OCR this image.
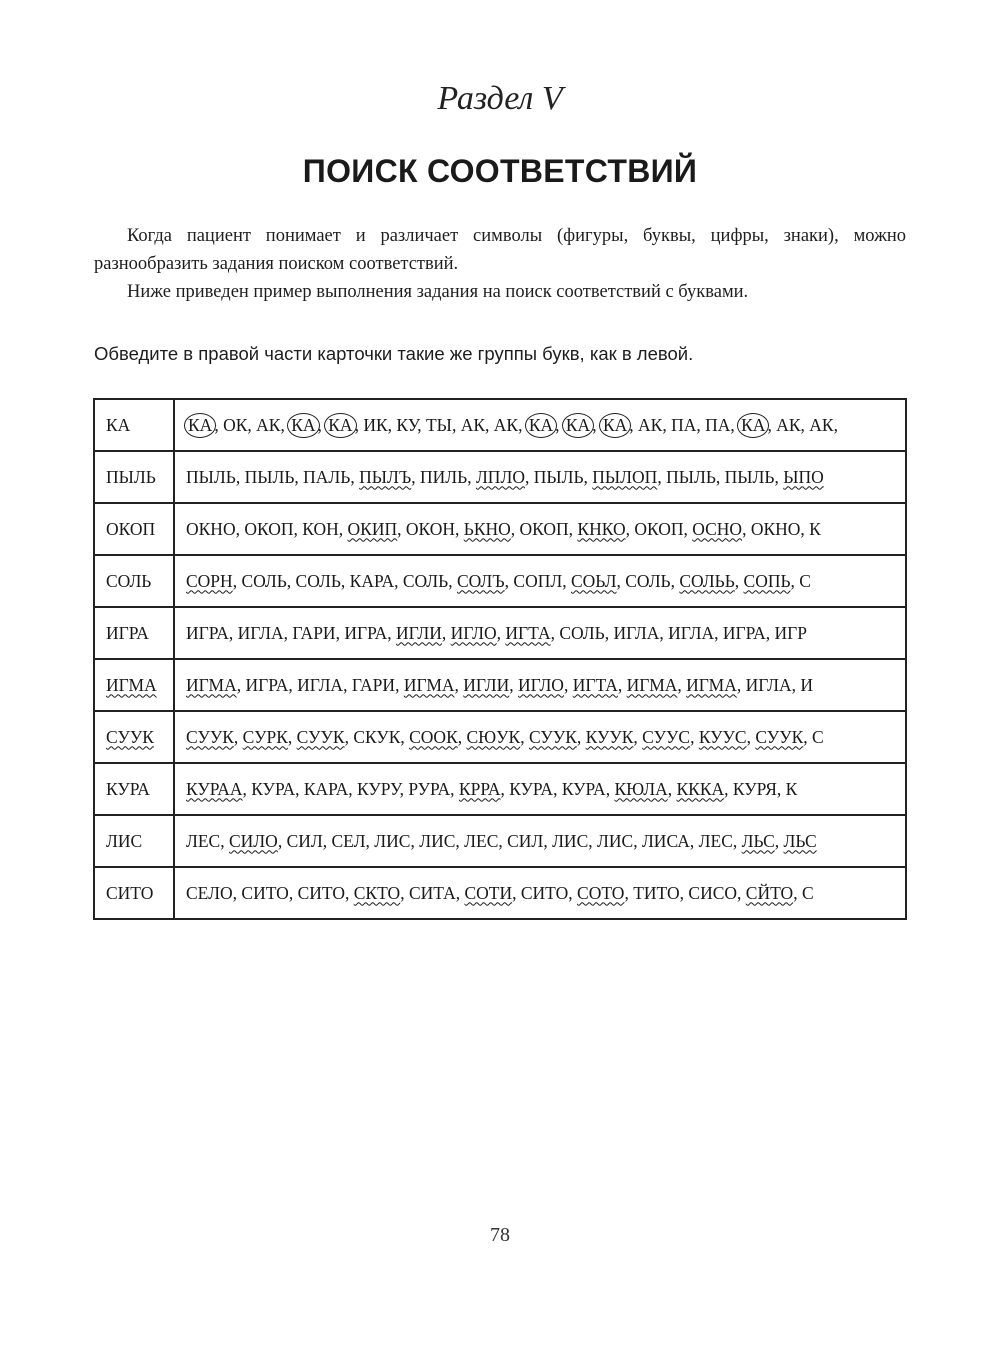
Раздел V
ПОИСК СООТВЕТСТВИЙ

Когда пациент понимает и различает символы (фигуры, буквы, цифры, знаки), можно разнообразить задания поиском соответствий.

Ниже приведен пример выполнения задания на поиск соответствий с буквами.

Обведите в правой части карточки такие же группы букв, как в левой.
КА	КА , ОК, АК, КА , КА , ИК, КУ, ТЫ, АК, АК, КА , КА , КА , АК, ПА, ПА, КА , АК, АК,
ПЫЛЬ	ПЫЛЬ, ПЫЛЬ, ПАЛЬ, ПЫЛЪ, ПИЛЬ, ЛПЛО, ПЫЛЬ, ПЫЛОП, ПЫЛЬ, ПЫЛЬ, ЫПО
ОКОП	ОКНО, ОКОП, КОН, ОКИП, ОКОН, ЬКНО, ОКОП, КНКО, ОКОП, ОСНО, ОКНО, К
СОЛЬ	СОРН, СОЛЬ, СОЛЬ, КАРА, СОЛЬ, СОЛЪ, СОПЛ, СОЬЛ, СОЛЬ, СОЛЬЬ, СОПЬ, С
ИГРА	ИГРА, ИГЛА, ГАРИ, ИГРА, ИГЛИ, ИГЛО, ИГТА, СОЛЬ, ИГЛА, ИГЛА, ИГРА, ИГР
ИГМА	ИГМА, ИГРА, ИГЛА, ГАРИ, ИГМА, ИГЛИ, ИГЛО, ИГТА, ИГМА, ИГМА, ИГЛА, И
СУУК	СУУК, СУРК, СУУК, СКУК, СООК, СЮУК, СУУК, КУУК, СУУС, КУУС, СУУК, С
КУРА	КУРАА, КУРА, КАРА, КУРУ, РУРА, КРРА, КУРА, КУРА, КЮЛА, КККА, КУРЯ, К
ЛИС	ЛЕС, СИЛО, СИЛ, СЕЛ, ЛИС, ЛИС, ЛЕС, СИЛ, ЛИС, ЛИС, ЛИСА, ЛЕС, ЛЬС, ЛЬС
СИТО	СЕЛО, СИТО, СИТО, СКТО, СИТА, СОТИ, СИТО, СОТО, ТИТО, СИСО, СЙТО, С
78
